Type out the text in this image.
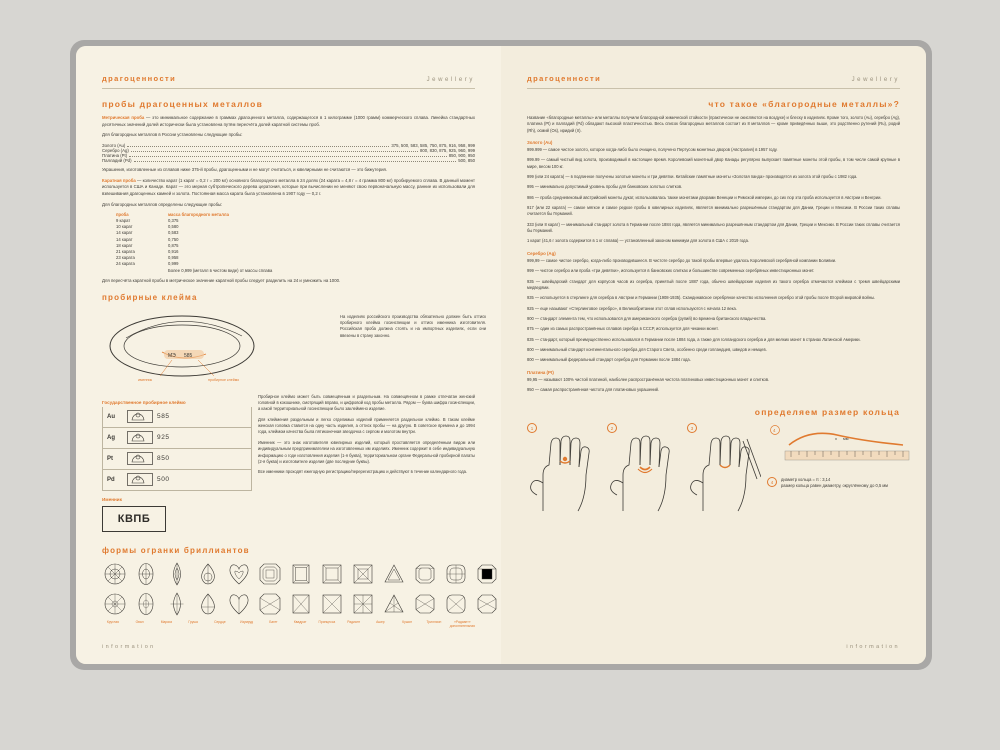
драгоценности	Jewellery
пробы драгоценных металлов

Метрическая проба — это минимальное содержание в граммах драгоценного металла, содержащегося в 1 килограмме (1000 грамм) коммерческого сплава. Линейка стандартных десятичных значений долей исторически была установлена путём пересчёта долей каратной системы проб.

Для благородных металлов в России установлены следующие пробы:

Золото (Au)	375, 500, 583, 585, 750, 875, 916, 958, 999
Серебро (Ag)	800, 830, 875, 925, 960, 999
Платина (Pt)	850, 900, 950
Палладий (Pd)	500, 850

Украшения, изготовленные из сплавов ниже 375-й пробы, драгоценными и не могут считаться, и ювелирными не считаются — это бижутерия.

Каратная проба — количество карат (1 карат = 0,2 г = 200 мг) основного благородного металла в 24 долях (24 карата = 4,8 г = 4 грамма 800 мг) пробируемого сплава. В данный момент используется в США и Канаде. Карат — это мерная субтропического дерева цератония, которые при вычислении не меняют свою первоначальную массу, ранние их использовали для взвешивания драгоценных камней и золота. Постоянная масса карата была установлена в 1907 году — 0,2 г.

Для благородных металлов определены следующие пробы:

проба	масса благородного металла
9 карат	0,375
10 карат	0,580
14 карат	0,583
14 карат	0,750
18 карат	0,875
21 карата	0,916
23 карата	0,958
24 карата	0,999
Более 0,999 (металл в чистом виде) от массы сплава

Для пересчёта каратной пробы в метрическое значение каратной пробы следует разделить на 24 и умножить на 1000.

пробирные клейма
МЭ 585
именник	пробирное клеймо

На изделиях российского производства обязательно должен быть оттиск пробирного клейма госинспекции и оттиск именника изготовителя. Российская проба должна стоять и на импортных изделиях, если они ввезены в страну законно.

Государственное пробирное клеймо
Au	585
Ag	925
Pt	850
Pd	500
Именник
КВПБ

Пробирное клеймо может быть совмещённым и раздельным. На совмещённом в рамке отпечатан женский головной в кокошнике, смотрящий вправо, и цифровой код пробы металла. Рядом — буква шифра госинспекции, а какой территориальной госинспекции было заклеймено изделие.

Для клеймения раздельным и легко отделимых изделий применяется раздельное клеймо. В таком клейме женская головка ставится на одну часть изделия, а оттиск пробы — на другую. В советское времена и до 1994 года, клеймом качества была пятиконечная звездочка с серпом и молотом внутри.

Именник — это знак изготовителя ювелирных изделий, который проставляется определённым видом или индивидуальным предпринимателем на изготовленных им изделиях. Именник содержит в себе индивидуальную информацию о годе изготовления изделия (1-я буква), территориальном органе Федеральной пробирной палаты (2-я буква) и изготовителе изделия (две последние буквы).

Все именники проходят ежегодную регистрацию/перерегистрацию и действуют в течение календарного года.

формы огранки бриллиантов
Круглая	Овал	Маркиз	Груша	Сердце	Изумруд	Багет	Квадрат	Принцесса	Радиант	Ашер	Кушон	Триллион	«Радиант» дополнительная
information
драгоценности	Jewellery
что такое «благородные металлы»?

Название «благородные металлы» или металлы получили благородной химической стойкости (практически не окисляются на воздухе) и блеску в изделиях. Кроме того, золото (Au), серебро (Ag), платина (Pt) и палладий (Pd) обладают высокой пластичностью. Весь список благородных металлов состоит из 8 металлов — кроме приведённых выше, это родственно рутений (Ru), родий (Rh), осмий (Os), иридий (Ir).

Золото (Au)

999.999 — самое чистое золото, которое когда-либо было очищено, получено Пертусом монетных дворов (Австралия) в 1957 году.

999.99 — самый чистый вид золота, производимый в настоящее время. Королевский монетный двор Канады регулярно выпускает памятные монеты этой пробы, в том числе самой крупные в мире, весом 100 кг.

999 (или 24 карата) — в подлинное получены золотые монеты и три девятки. Китайские памятные монеты «Золотая панда» производятся из золота этой пробы с 1982 года.

995 — минимально допустимый уровень пробы для банковских золотых слитков.

986 — проба средневековый австрийский монеты дукат, использовалась также монетами дворами Венеции и Римской империи, до сих пор эта проба используется в Австрии и Венгрии.

917 (или 22 карата) — самое мягкое и самое редкое пробы в ювелирных изделиях, является минимально разрешённым стандартом для Дании, Греции и Мексики. В России таких сплавы считается бы Германий.

333 (или 8 карат) — минимальный стандарт золота в Германии после 1884 года, является минимально разрешённым стандартом для Дании, Греции и Мексики. В России таких сплавы считается бы Германий.

1 карат (41,6 г золота содержится в 1 кг сплава) — установленный законом минимум для золота в США с 2019 года.

Серебро (Ag)

999,99 — самое чистое серебро, когда-либо производившееся. В чистоте серебро до такой пробы впервые удалось Королевской серебряной компании Боливии.

999 — чистое серебро или проба «три девятки», используется в банковских слитках и большинстве современных серебряных инвестиционных монет.

935 — швейцарский стандарт для корпусов часов из серебра, принятый после 1887 года, обычно швейцарские изделия из такого серебра отмечаются клеймом с тремя швейцарскими медведями.

935 — используется в стерлинге для серебра в Австрии и Германии (1908-1935). Скандинавское серебряное качество исполнения серебро этой пробы после Второй мировой войны.

925 — еще называют «Стерлинговое серебро», в Великобритании этот сплав используются с начала 12 века.

900 — стандарт элемента тем, что использовался для американского серебра (рупий) во времена британского владычества.

875 — один из самых распространённых сплавов серебра в СССР, используется для чеканки монет.

835 — стандарт, который преимущественно использовался в Германии после 1884 года, а также для голландского серебра и для мелких монет в странах Латинской Америки.

800 — минимальный стандарт континентального серебра для Старого Света, особенно среди голландцев, шведов и немцев.

800 — минимальный федеральный стандарт серебра для Германии после 1884 года.

Платина (Pt)

99,95 — называют 100% чистой платиной, наиболее распространённая чистота платиновых инвестиционных монет и слитков.

950 — самая распространённая чистота для платиновых украшений.

определяем размер кольца
1	2	3	4
x мм
4	диаметр кольца = π : 3,14
размер кольца равен диаметру, округлённому до 0,5 мм
information
